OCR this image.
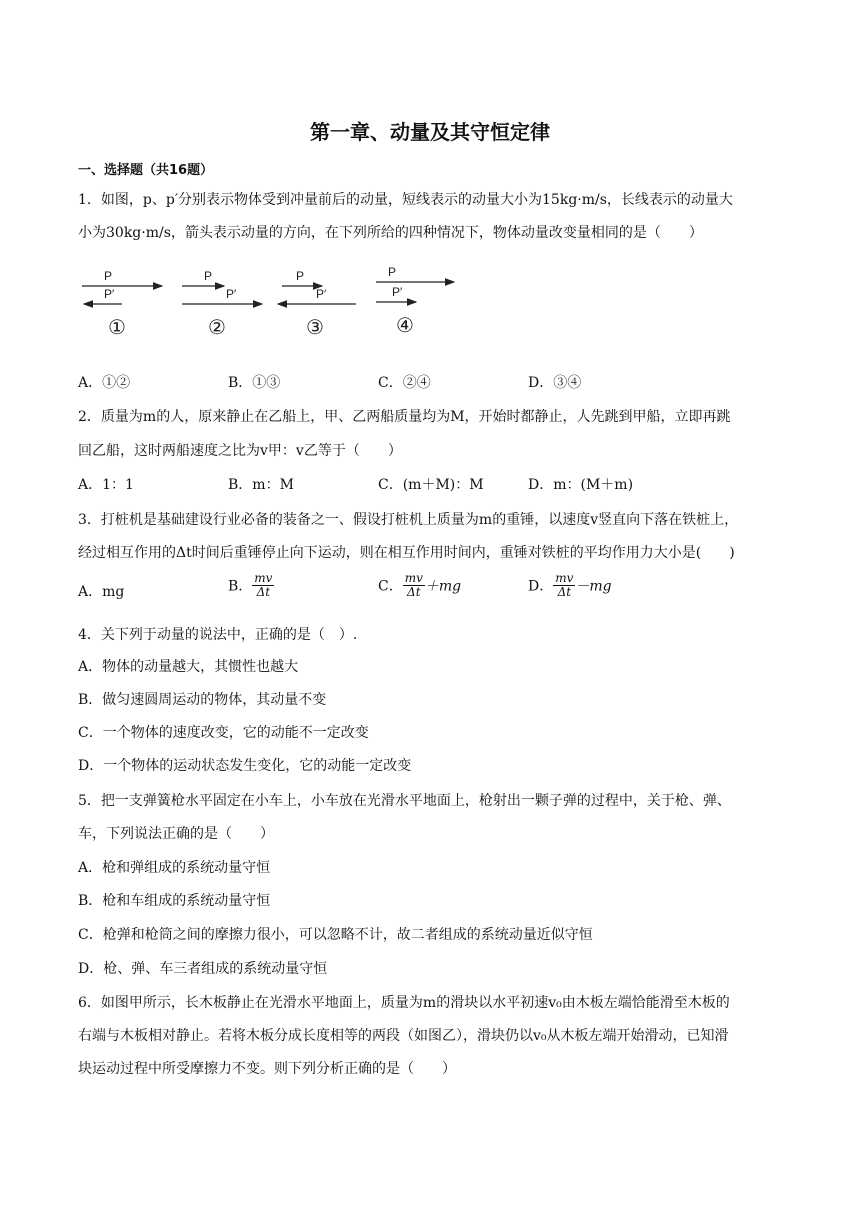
第一章、动量及其守恒定律
一、选择题（共16题）
1．如图，p、p′分别表示物体受到冲量前后的动量，短线表示的动量大小为15kg·m/s，长线表示的动量大
小为30kg·m/s，箭头表示动量的方向，在下列所给的四种情况下，物体动量改变量相同的是（　　）
P
P′
①
P
P′
②
P
P′
③
P
P′
④
A．①②	B．①③	C．②④	D．③④
2．质量为m的人，原来静止在乙船上，甲、乙两船质量均为M，开始时都静止，人先跳到甲船，立即再跳
回乙船，这时两船速度之比为v甲：v乙等于（　　）
A．1：1	B．m：M	C．(m＋M)：M	D．m：(M＋m)
3．打桩机是基础建设行业必备的装备之一、假设打桩机上质量为m的重锤，以速度v竖直向下落在铁桩上，
经过相互作用的Δt时间后重锤停止向下运动，则在相互作用时间内，重锤对铁桩的平均作用力大小是(　　)
A．mg	B． $\frac{mv}{\Delta t}$	C． $\frac{mv}{\Delta t} +mg$	D． $\frac{mv}{\Delta t} -mg$
4．关下列于动量的说法中，正确的是（　）.
A．物体的动量越大，其惯性也越大
B．做匀速圆周运动的物体，其动量不变
C．一个物体的速度改变，它的动能不一定改变
D．一个物体的运动状态发生变化，它的动能一定改变
5．把一支弹簧枪水平固定在小车上，小车放在光滑水平地面上，枪射出一颗子弹的过程中，关于枪、弹、
车，下列说法正确的是（　　）
A．枪和弹组成的系统动量守恒
B．枪和车组成的系统动量守恒
C．枪弹和枪筒之间的摩擦力很小，可以忽略不计，故二者组成的系统动量近似守恒
D．枪、弹、车三者组成的系统动量守恒
6．如图甲所示，长木板静止在光滑水平地面上，质量为m的滑块以水平初速v₀由木板左端恰能滑至木板的
右端与木板相对静止。若将木板分成长度相等的两段（如图乙），滑块仍以v₀从木板左端开始滑动，已知滑
块运动过程中所受摩擦力不变。则下列分析正确的是（　　）
